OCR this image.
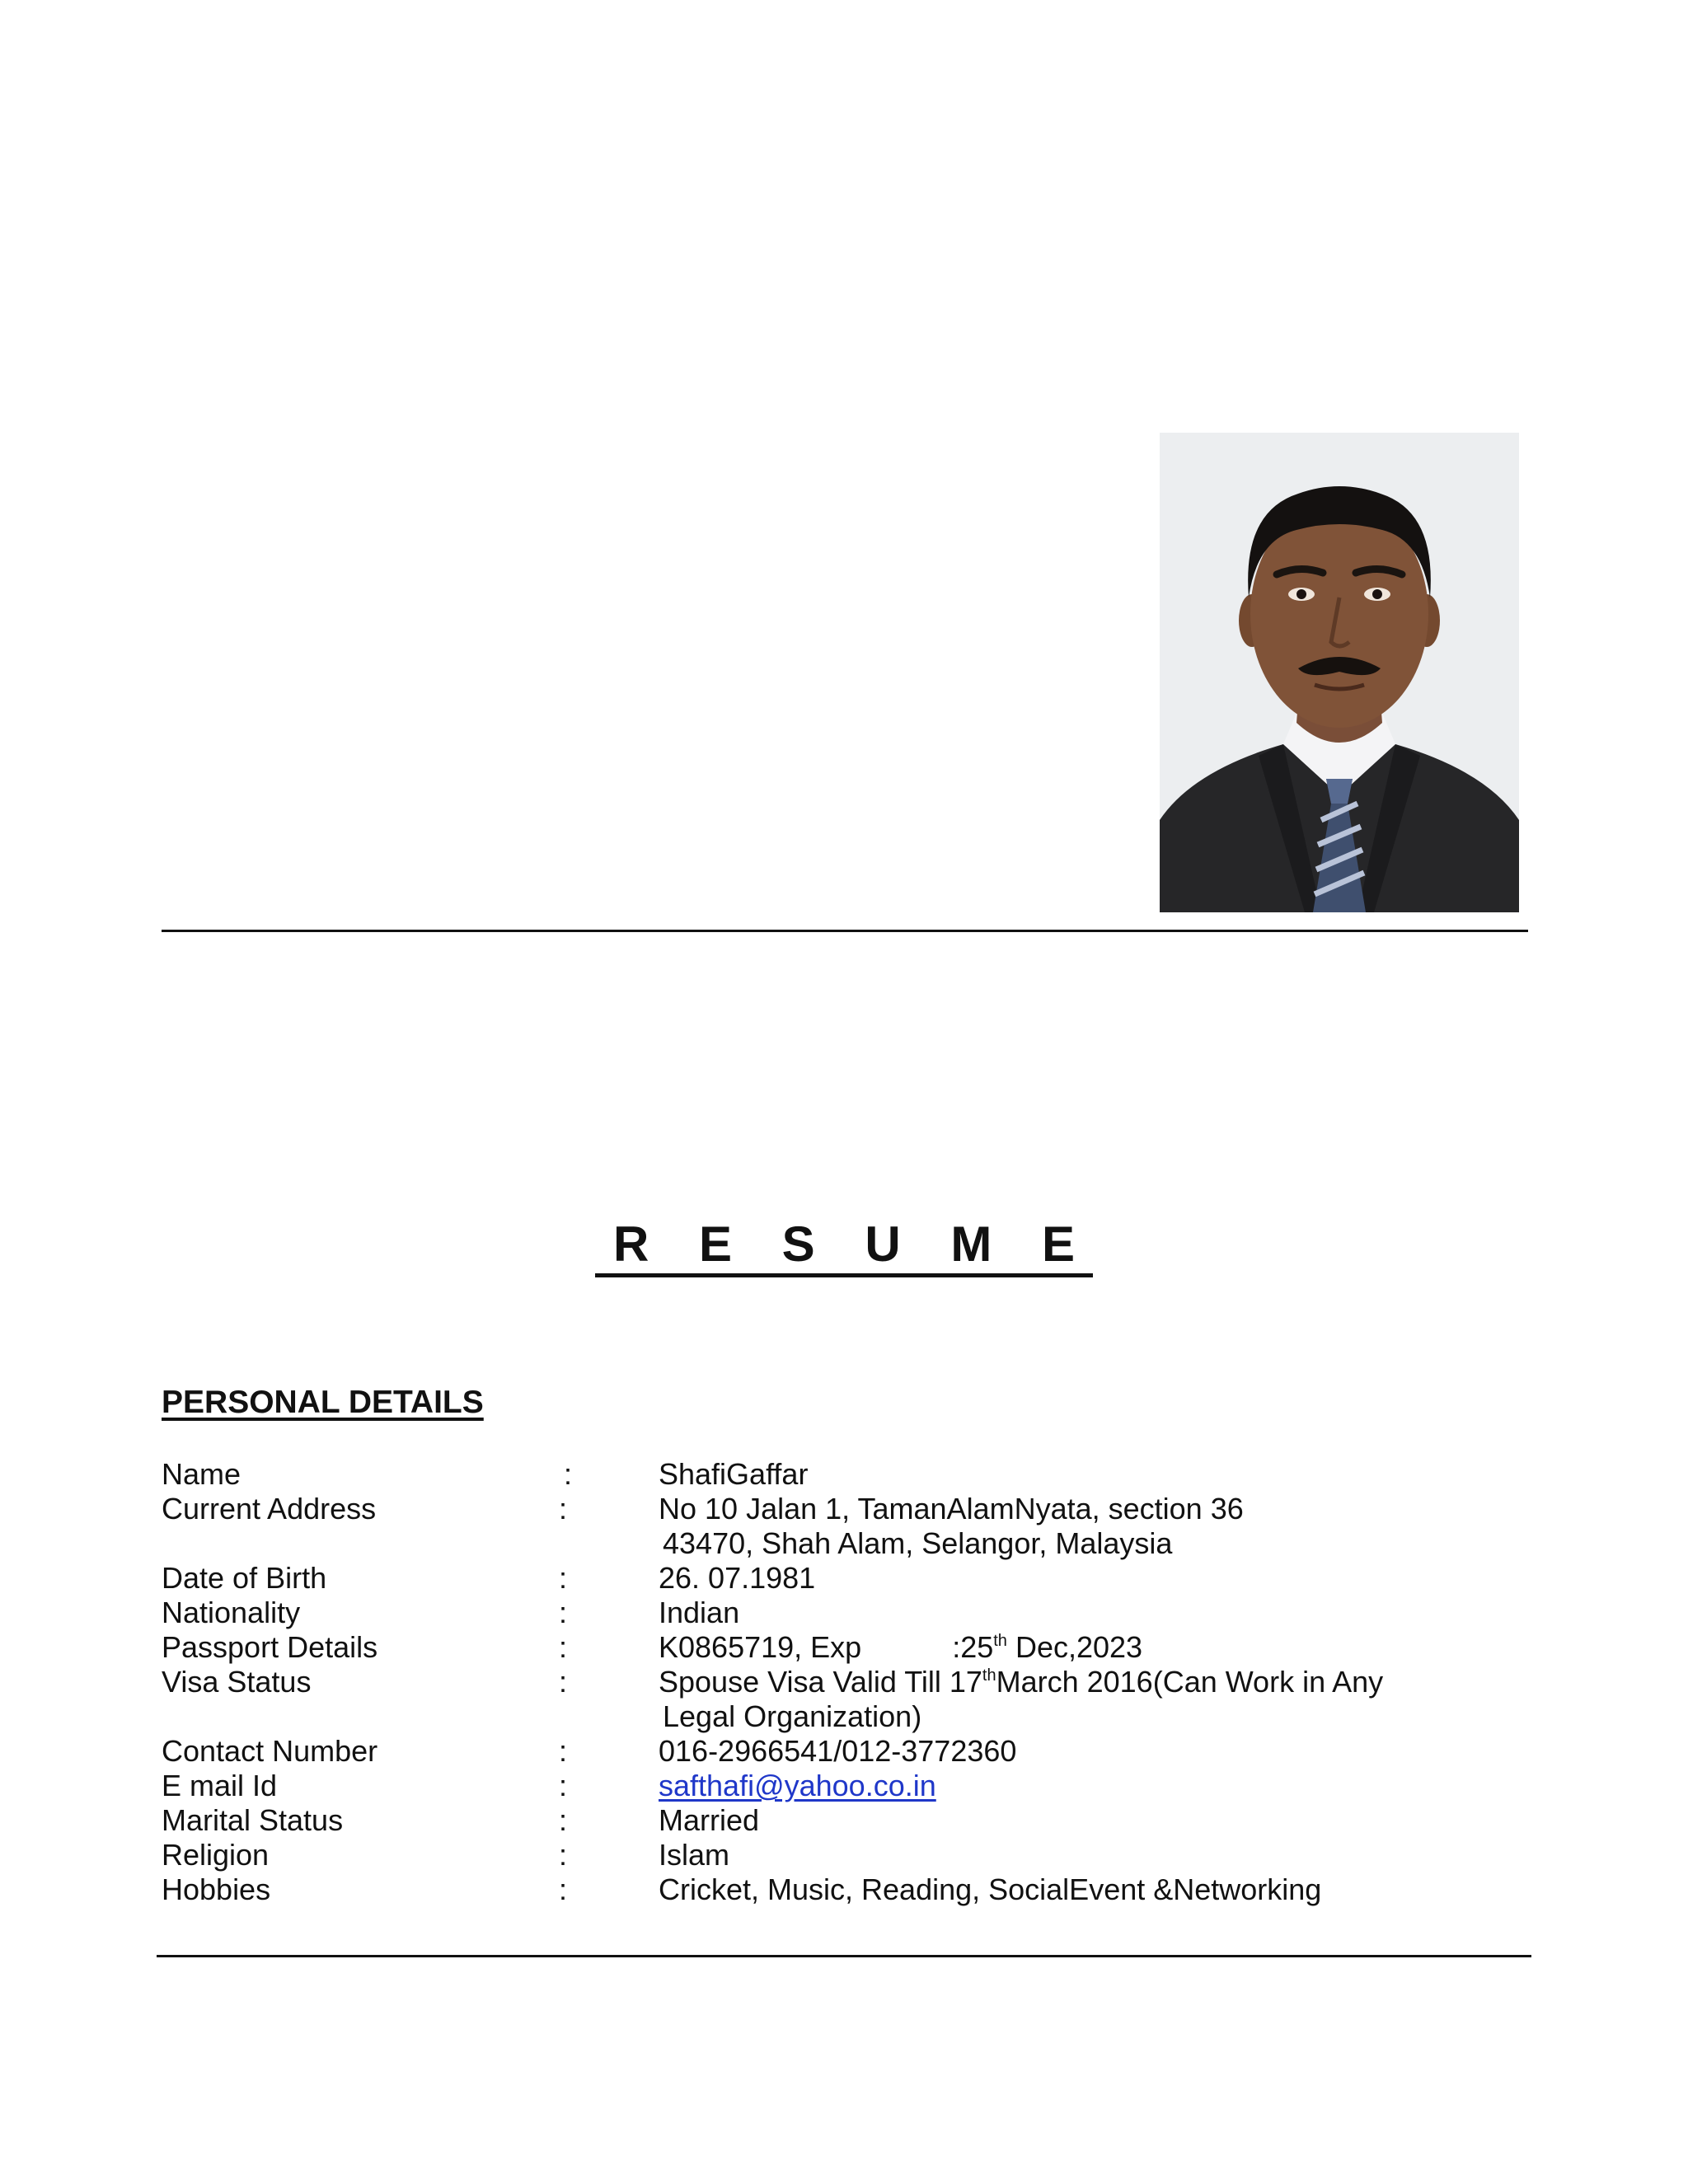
R E S U M E
PERSONAL DETAILS
Name	:	ShafiGaffar
Current Address	:	No 10 Jalan 1, TamanAlamNyata, section 36
43470, Shah Alam, Selangor, Malaysia
Date of Birth	:	26. 07.1981
Nationality	:	Indian
Passport Details	:	K0865719, Exp	:25th Dec,2023
Visa Status	:	Spouse Visa Valid Till 17thMarch 2016(Can Work in Any
Legal Organization)
Contact Number	:	016-2966541/012-3772360
E mail Id	:	safthafi@yahoo.co.in
Marital Status	:	Married
Religion	:	Islam
Hobbies	:	Cricket, Music, Reading, SocialEvent &Networking
